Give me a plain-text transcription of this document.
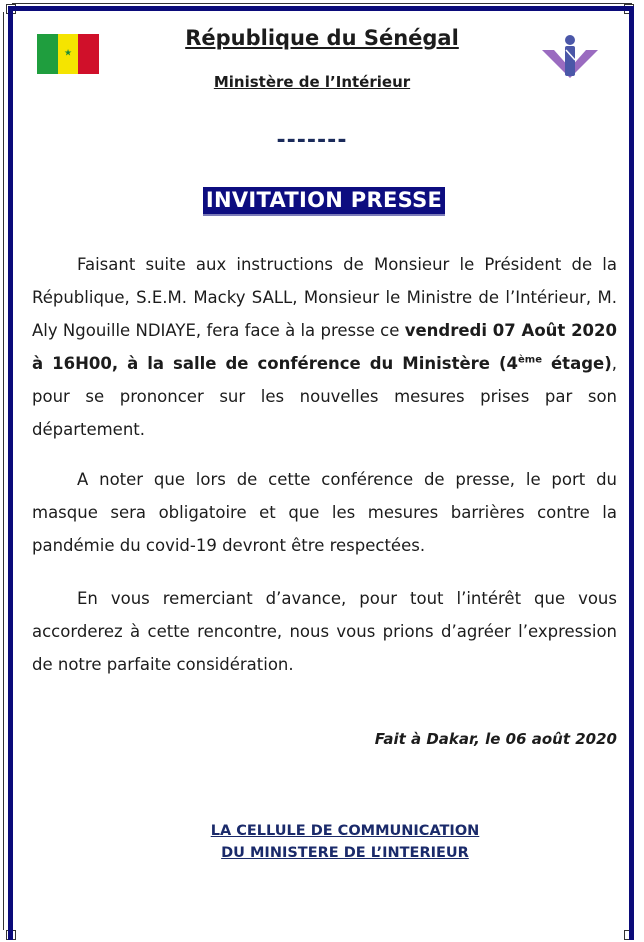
★
République du Sénégal
Ministère de l’Intérieur
-------
INVITATION PRESSE
Faisant suite aux instructions de Monsieur le Président de la République, S.E.M. Macky SALL, Monsieur le Ministre de l’Intérieur, M. Aly Ngouille NDIAYE, fera face à la presse ce vendredi 07 Août 2020 à 16H00, à la salle de conférence du Ministère (4ème étage), pour se prononcer sur les nouvelles mesures prises par son département.
A noter que lors de cette conférence de presse, le port du masque sera obligatoire et que les mesures barrières contre la pandémie du covid-19 devront être respectées.
En vous remerciant d’avance, pour tout l’intérêt que vous accorderez à cette rencontre, nous vous prions d’agréer l’expression de notre parfaite considération.
Fait à Dakar, le 06 août 2020
LA CELLULE DE COMMUNICATION
DU MINISTERE DE L’INTERIEUR
